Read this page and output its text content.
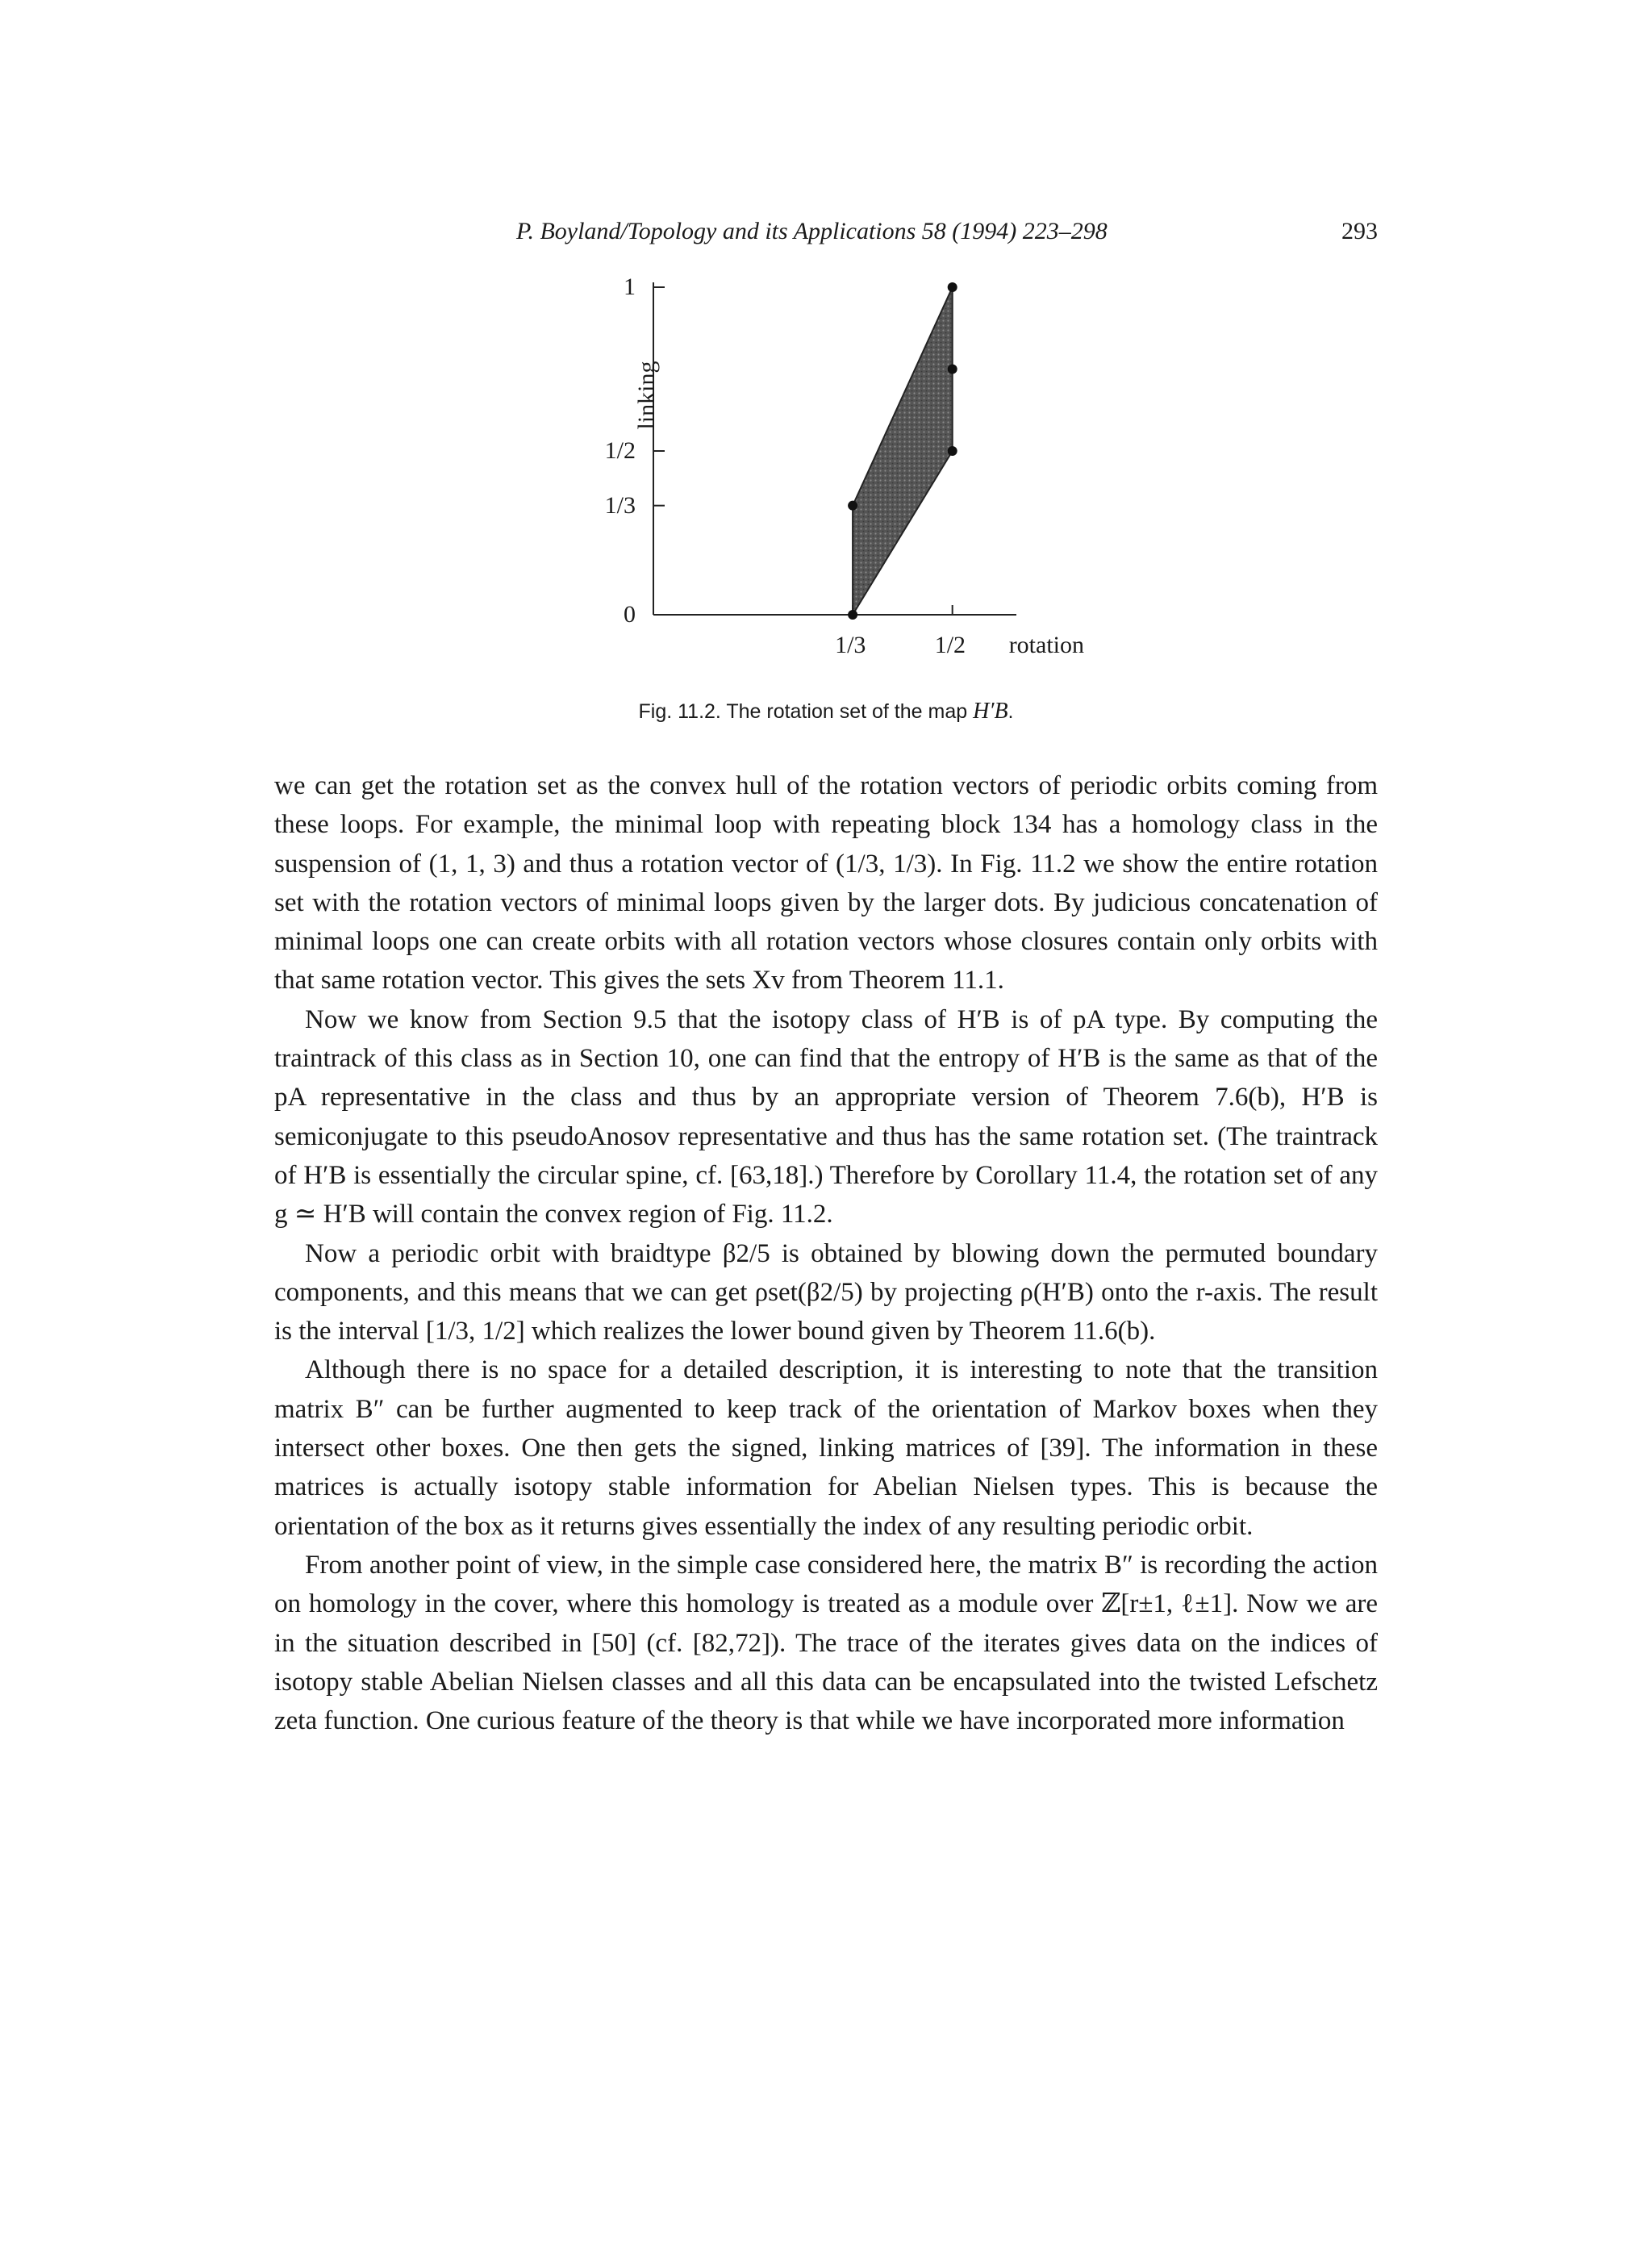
P. Boyland/Topology and its Applications 58 (1994) 223–298	293
linking
0
1/3
1/2
1
1/3	1/2 rotation
Fig. 11.2. The rotation set of the map H′B.

we can get the rotation set as the convex hull of the rotation vectors of periodic orbits coming from these loops. For example, the minimal loop with repeating block 134 has a homology class in the suspension of (1, 1, 3) and thus a rotation vector of (1/3, 1/3). In Fig. 11.2 we show the entire rotation set with the rotation vectors of minimal loops given by the larger dots. By judicious concatenation of minimal loops one can create orbits with all rotation vectors whose closures contain only orbits with that same rotation vector. This gives the sets Xv from Theorem 11.1.

Now we know from Section 9.5 that the isotopy class of H′B is of pA type. By computing the traintrack of this class as in Section 10, one can find that the entropy of H′B is the same as that of the pA representative in the class and thus by an appropriate version of Theorem 7.6(b), H′B is semiconjugate to this pseudoAnosov representative and thus has the same rotation set. (The traintrack of H′B is essentially the circular spine, cf. [63,18].) Therefore by Corollary 11.4, the rotation set of any g ≃ H′B will contain the convex region of Fig. 11.2.

Now a periodic orbit with braidtype β2/5 is obtained by blowing down the permuted boundary components, and this means that we can get ρset(β2/5) by projecting ρ(H′B) onto the r-axis. The result is the interval [1/3, 1/2] which realizes the lower bound given by Theorem 11.6(b).

Although there is no space for a detailed description, it is interesting to note that the transition matrix B″ can be further augmented to keep track of the orientation of Markov boxes when they intersect other boxes. One then gets the signed, linking matrices of [39]. The information in these matrices is actually isotopy stable information for Abelian Nielsen types. This is because the orientation of the box as it returns gives essentially the index of any resulting periodic orbit.

From another point of view, in the simple case considered here, the matrix B″ is recording the action on homology in the cover, where this homology is treated as a module over ℤ[r±1, ℓ±1]. Now we are in the situation described in [50] (cf. [82,72]). The trace of the iterates gives data on the indices of isotopy stable Abelian Nielsen classes and all this data can be encapsulated into the twisted Lefschetz zeta function. One curious feature of the theory is that while we have incorporated more information
